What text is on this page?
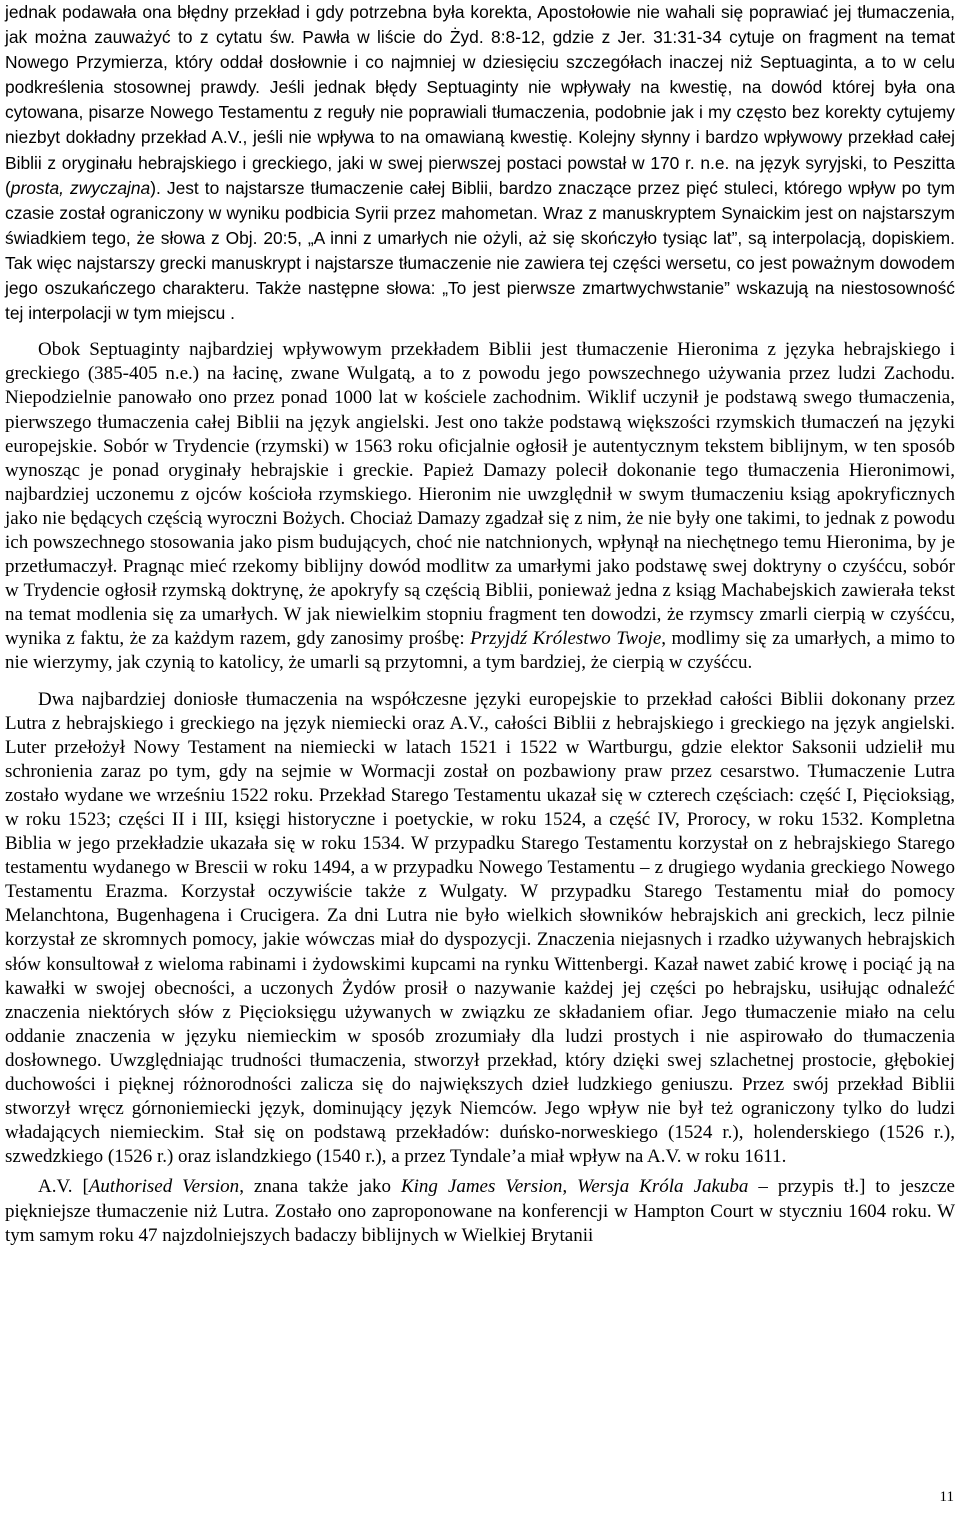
jednak podawała ona błędny przekład i gdy potrzebna była korekta, Apostołowie nie wahali się poprawiać jej tłumaczenia, jak można zauważyć to z cytatu św. Pawła w liście do Żyd. 8:8-12, gdzie z Jer. 31:31-34 cytuje on fragment na temat Nowego Przymierza, który oddał dosłownie i co najmniej w dziesięciu szczegółach inaczej niż Septuaginta, a to w celu podkreślenia stosownej prawdy. Jeśli jednak błędy Septuaginty nie wpływały na kwestię, na dowód której była ona cytowana, pisarze Nowego Testamentu z reguły nie poprawiali tłumaczenia, podobnie jak i my często bez korekty cytujemy niezbyt dokładny przekład A.V., jeśli nie wpływa to na omawianą kwestię. Kolejny słynny i bardzo wpływowy przekład całej Biblii z oryginału hebrajskiego i greckiego, jaki w swej pierwszej postaci powstał w 170 r. n.e. na język syryjski, to Peszitta (prosta, zwyczajna). Jest to najstarsze tłumaczenie całej Biblii, bardzo znaczące przez pięć stuleci, którego wpływ po tym czasie został ograniczony w wyniku podbicia Syrii przez mahometan. Wraz z manuskryptem Synaickim jest on najstarszym świadkiem tego, że słowa z Obj. 20:5, „A inni z umarłych nie ożyli, aż się skończyło tysiąc lat”, są interpolacją, dopiskiem. Tak więc najstarszy grecki manuskrypt i najstarsze tłumaczenie nie zawiera tej części wersetu, co jest poważnym dowodem jego oszukańczego charakteru. Także następne słowa: „To jest pierwsze zmartwychwstanie” wskazują na niestosowność tej interpolacji w tym miejscu .

Obok Septuaginty najbardziej wpływowym przekładem Biblii jest tłumaczenie Hieronima z języka hebrajskiego i greckiego (385-405 n.e.) na łacinę, zwane Wulgatą, a to z powodu jego powszechnego używania przez ludzi Zachodu. Niepodzielnie panowało ono przez ponad 1000 lat w kościele zachodnim. Wiklif uczynił je podstawą swego tłumaczenia, pierwszego tłumaczenia całej Biblii na język angielski. Jest ono także podstawą większości rzymskich tłumaczeń na języki europejskie. Sobór w Trydencie (rzymski) w 1563 roku oficjalnie ogłosił je autentycznym tekstem biblijnym, w ten sposób wynosząc je ponad oryginały hebrajskie i greckie. Papież Damazy polecił dokonanie tego tłumaczenia Hieronimowi, najbardziej uczonemu z ojców kościoła rzymskiego. Hieronim nie uwzględnił w swym tłumaczeniu ksiąg apokryficznych jako nie będących częścią wyroczni Bożych. Chociaż Damazy zgadzał się z nim, że nie były one takimi, to jednak z powodu ich powszechnego stosowania jako pism budujących, choć nie natchnionych, wpłynął na niechętnego temu Hieronima, by je przetłumaczył. Pragnąc mieć rzekomy biblijny dowód modlitw za umarłymi jako podstawę swej doktryny o czyśćcu, sobór w Trydencie ogłosił rzymską doktrynę, że apokryfy są częścią Biblii, ponieważ jedna z ksiąg Machabejskich zawierała tekst na temat modlenia się za umarłych. W jak niewielkim stopniu fragment ten dowodzi, że rzymscy zmarli cierpią w czyśćcu, wynika z faktu, że za każdym razem, gdy zanosimy prośbę: Przyjdź Królestwo Twoje, modlimy się za umarłych, a mimo to nie wierzymy, jak czynią to katolicy, że umarli są przytomni, a tym bardziej, że cierpią w czyśćcu.

Dwa najbardziej doniosłe tłumaczenia na współczesne języki europejskie to przekład całości Biblii dokonany przez Lutra z hebrajskiego i greckiego na język niemiecki oraz A.V., całości Biblii z hebrajskiego i greckiego na język angielski. Luter przełożył Nowy Testament na niemiecki w latach 1521 i 1522 w Wartburgu, gdzie elektor Saksonii udzielił mu schronienia zaraz po tym, gdy na sejmie w Wormacji został on pozbawiony praw przez cesarstwo. Tłumaczenie Lutra zostało wydane we wrześniu 1522 roku. Przekład Starego Testamentu ukazał się w czterech częściach: część I, Pięcioksiąg, w roku 1523; części II i III, księgi historyczne i poetyckie, w roku 1524, a część IV, Prorocy, w roku 1532. Kompletna Biblia w jego przekładzie ukazała się w roku 1534. W przypadku Starego Testamentu korzystał on z hebrajskiego Starego testamentu wydanego w Brescii w roku 1494, a w przypadku Nowego Testamentu – z drugiego wydania greckiego Nowego Testamentu Erazma. Korzystał oczywiście także z Wulgaty. W przypadku Starego Testamentu miał do pomocy Melanchtona, Bugenhagena i Crucigera. Za dni Lutra nie było wielkich słowników hebrajskich ani greckich, lecz pilnie korzystał ze skromnych pomocy, jakie wówczas miał do dyspozycji. Znaczenia niejasnych i rzadko używanych hebrajskich słów konsultował z wieloma rabinami i żydowskimi kupcami na rynku Wittenbergi. Kazał nawet zabić krowę i pociąć ją na kawałki w swojej obecności, a uczonych Żydów prosił o nazywanie każdej jej części po hebrajsku, usiłując odnaleźć znaczenia niektórych słów z Pięcioksięgu używanych w związku ze składaniem ofiar. Jego tłumaczenie miało na celu oddanie znaczenia w języku niemieckim w sposób zrozumiały dla ludzi prostych i nie aspirowało do tłumaczenia dosłownego. Uwzględniając trudności tłumaczenia, stworzył przekład, który dzięki swej szlachetnej prostocie, głębokiej duchowości i pięknej różnorodności zalicza się do największych dzieł ludzkiego geniuszu. Przez swój przekład Biblii stworzył wręcz górnoniemiecki język, dominujący język Niemców. Jego wpływ nie był też ograniczony tylko do ludzi władających niemieckim. Stał się on podstawą przekładów: duńsko-norweskiego (1524 r.), holenderskiego (1526 r.), szwedzkiego (1526 r.) oraz islandzkiego (1540 r.), a przez Tyndale’a miał wpływ na A.V. w roku 1611.

A.V. [Authorised Version, znana także jako King James Version, Wersja Króla Jakuba – przypis tł.] to jeszcze piękniejsze tłumaczenie niż Lutra. Zostało ono zaproponowane na konferencji w Hampton Court w styczniu 1604 roku. W tym samym roku 47 najzdolniejszych badaczy biblijnych w Wielkiej Brytanii

11
